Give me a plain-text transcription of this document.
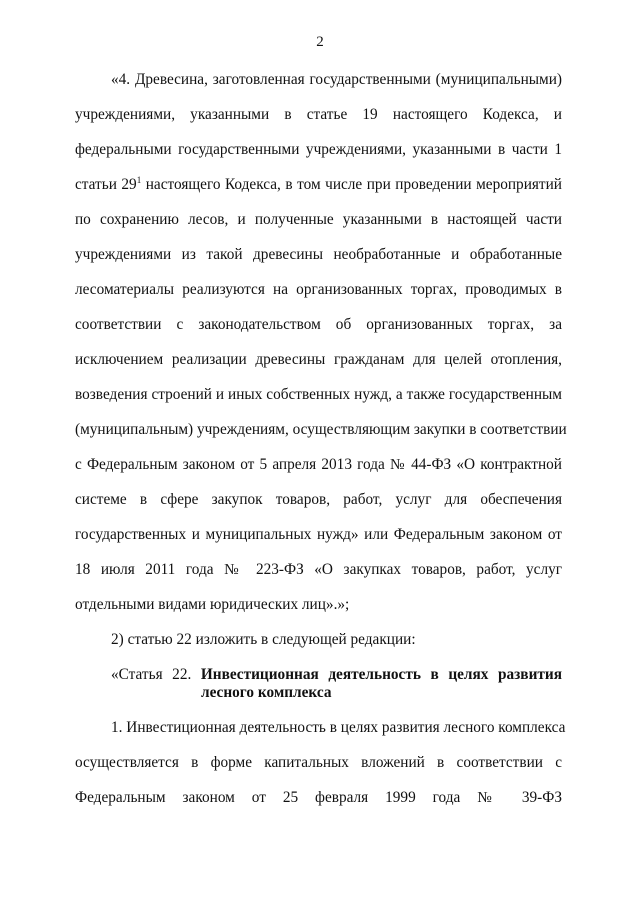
2
«4. Древесина, заготовленная государственными (муниципальными)
учреждениями, указанными в статье 19 настоящего Кодекса, и
федеральными государственными учреждениями, указанными в части 1
статьи $29^1$ настоящего Кодекса, в том числе при проведении мероприятий
по сохранению лесов, и полученные указанными в настоящей части
учреждениями из такой древесины необработанные и обработанные
лесоматериалы реализуются на организованных торгах, проводимых в
соответствии с законодательством об организованных торгах, за
исключением реализации древесины гражданам для целей отопления,
возведения строений и иных собственных нужд, а также государственным
(муниципальным) учреждениям, осуществляющим закупки в соответствии
с Федеральным законом от 5 апреля 2013 года № 44-ФЗ «О контрактной
системе в сфере закупок товаров, работ, услуг для обеспечения
государственных и муниципальных нужд» или Федеральным законом от
18 июля 2011 года № 223-ФЗ «О закупках товаров, работ, услуг
отдельными видами юридических лиц».»;
2) статью 22 изложить в следующей редакции:
«Статья 22. Инвестиционная деятельность в целях развития
лесного комплекса
1. Инвестиционная деятельность в целях развития лесного комплекса
осуществляется в форме капитальных вложений в соответствии с
Федеральным законом от 25 февраля 1999 года № 39-ФЗ
